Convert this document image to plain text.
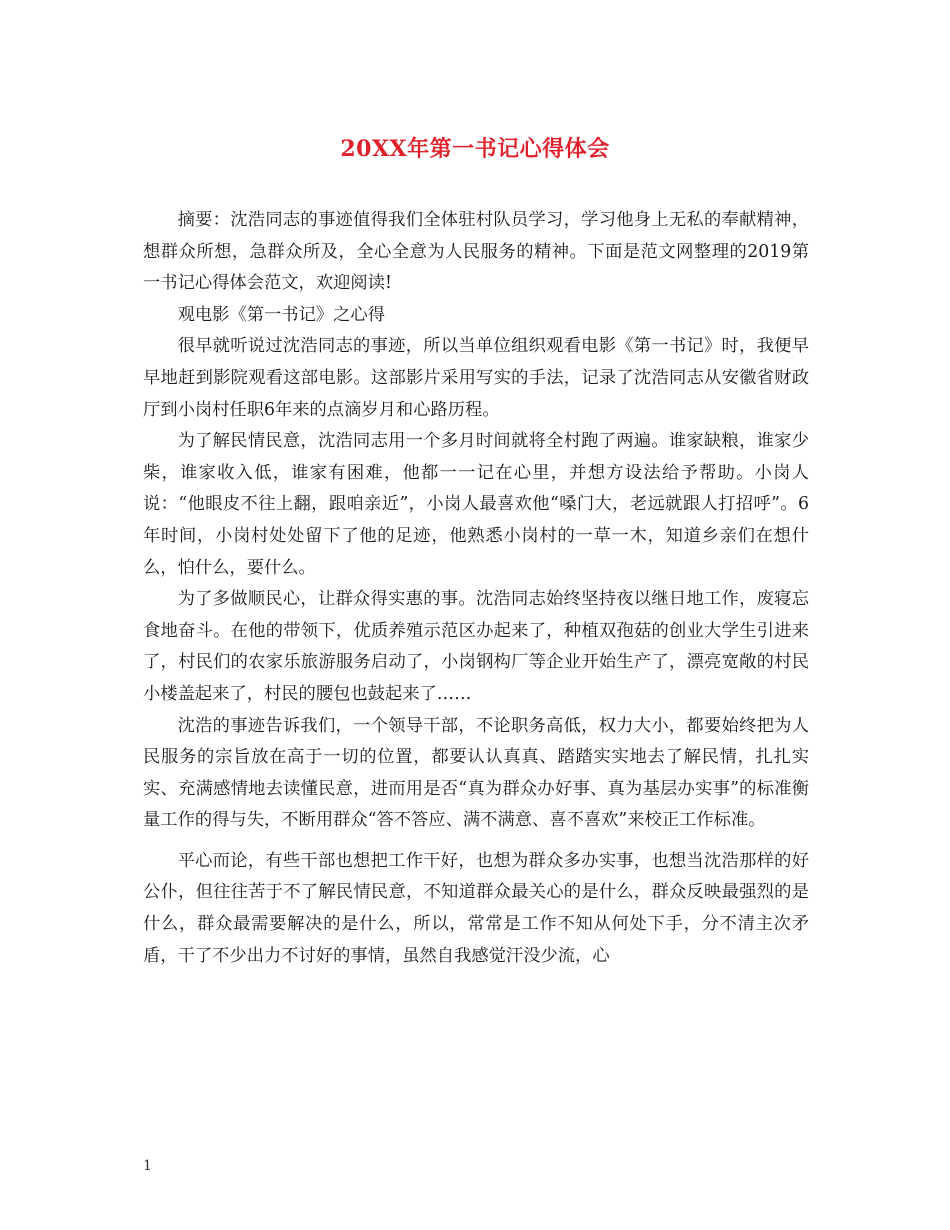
20XX年第一书记心得体会

摘要：沈浩同志的事迹值得我们全体驻村队员学习，学习他身上无私的奉献精神，想群众所想，急群众所及，全心全意为人民服务的精神。下面是范文网整理的2019第一书记心得体会范文，欢迎阅读!

观电影《第一书记》之心得

很早就听说过沈浩同志的事迹，所以当单位组织观看电影《第一书记》时，我便早早地赶到影院观看这部电影。这部影片采用写实的手法，记录了沈浩同志从安徽省财政厅到小岗村任职6年来的点滴岁月和心路历程。

为了解民情民意，沈浩同志用一个多月时间就将全村跑了两遍。谁家缺粮，谁家少柴，谁家收入低，谁家有困难，他都一一记在心里，并想方设法给予帮助。小岗人说：“他眼皮不往上翻，跟咱亲近”，小岗人最喜欢他“嗓门大，老远就跟人打招呼”。6年时间，小岗村处处留下了他的足迹，他熟悉小岗村的一草一木，知道乡亲们在想什么，怕什么，要什么。

为了多做顺民心，让群众得实惠的事。沈浩同志始终坚持夜以继日地工作，废寝忘食地奋斗。在他的带领下，优质养殖示范区办起来了，种植双孢菇的创业大学生引进来了，村民们的农家乐旅游服务启动了，小岗钢构厂等企业开始生产了，漂亮宽敞的村民小楼盖起来了，村民的腰包也鼓起来了……

沈浩的事迹告诉我们，一个领导干部，不论职务高低，权力大小，都要始终把为人民服务的宗旨放在高于一切的位置，都要认认真真、踏踏实实地去了解民情，扎扎实实、充满感情地去读懂民意，进而用是否“真为群众办好事、真为基层办实事”的标准衡量工作的得与失，不断用群众“答不答应、满不满意、喜不喜欢”来校正工作标准。

平心而论，有些干部也想把工作干好，也想为群众多办实事，也想当沈浩那样的好公仆，但往往苦于不了解民情民意，不知道群众最关心的是什么，群众反映最强烈的是什么，群众最需要解决的是什么，所以，常常是工作不知从何处下手，分不清主次矛盾，干了不少出力不讨好的事情，虽然自我感觉汗没少流，心

1
